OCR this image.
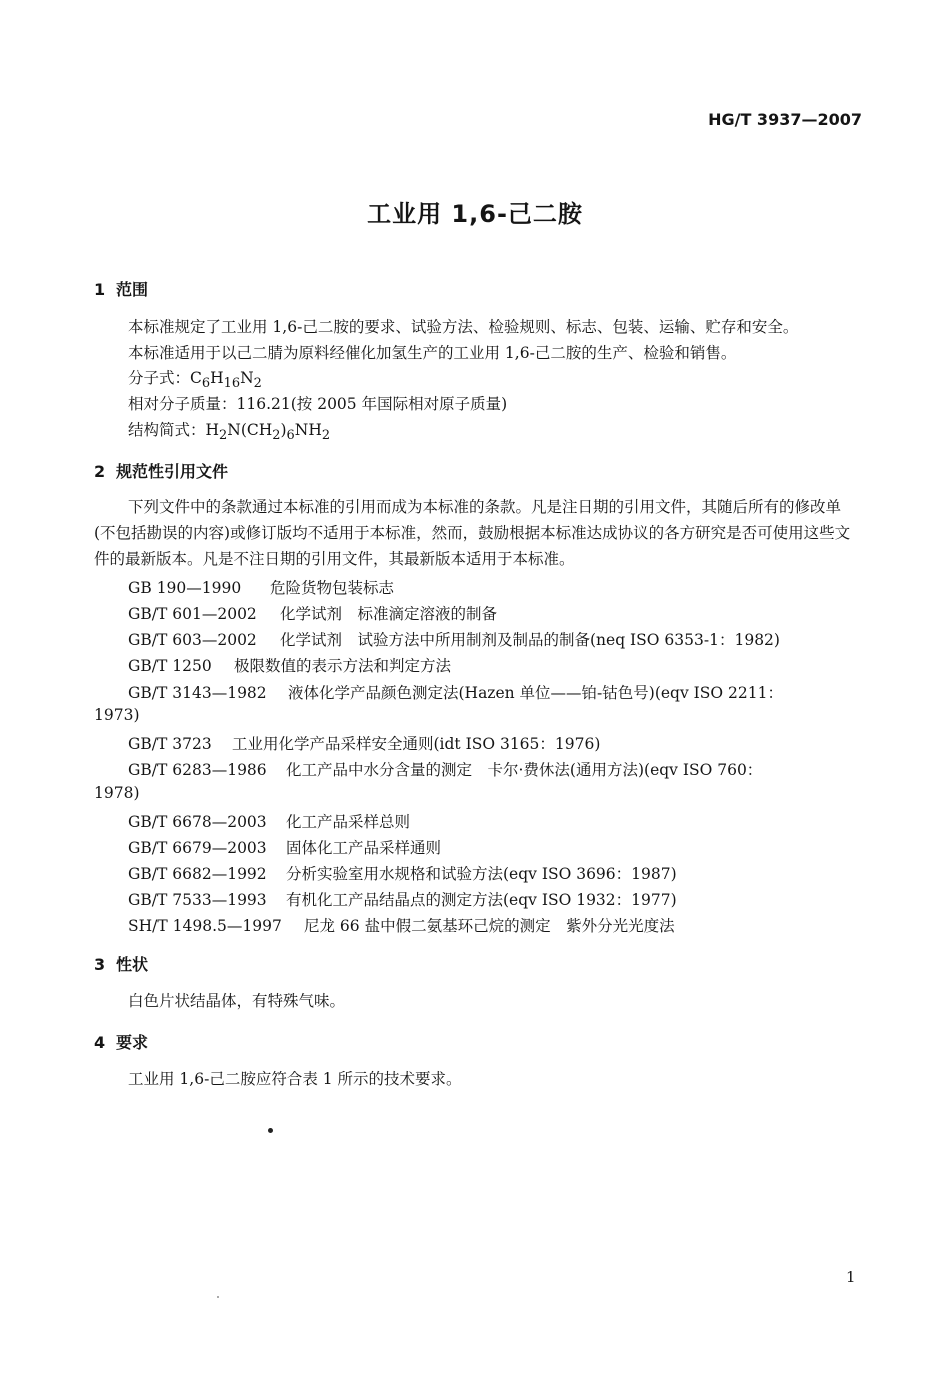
HG/T 3937—2007
工业用 1,6-己二胺
1 范围
本标准规定了工业用 1,6-己二胺的要求、试验方法、检验规则、标志、包装、运输、贮存和安全。
本标准适用于以己二腈为原料经催化加氢生产的工业用 1,6-己二胺的生产、检验和销售。
分子式：$C_6H_{16}N_2$
相对分子质量：116.21(按 2005 年国际相对原子质量)
结构简式：$H_2N(CH_2)_6NH_2$
2 规范性引用文件
下列文件中的条款通过本标准的引用而成为本标准的条款。凡是注日期的引用文件，其随后所有的修改单(不包括勘误的内容)或修订版均不适用于本标准，然而，鼓励根据本标准达成协议的各方研究是否可使用这些文件的最新版本。凡是不注日期的引用文件，其最新版本适用于本标准。
GB 190—1990 危险货物包装标志
GB/T 601—2002 化学试剂　标准滴定溶液的制备
GB/T 603—2002 化学试剂　试验方法中所用制剂及制品的制备(neq ISO 6353-1：1982)
GB/T 1250 极限数值的表示方法和判定方法
GB/T 3143—1982 液体化学产品颜色测定法(Hazen 单位——铂-钴色号)(eqv ISO 2211：
1973)
GB/T 3723 工业用化学产品采样安全通则(idt ISO 3165：1976)
GB/T 6283—1986 化工产品中水分含量的测定　卡尔·费休法(通用方法)(eqv ISO 760：
1978)
GB/T 6678—2003 化工产品采样总则
GB/T 6679—2003 固体化工产品采样通则
GB/T 6682—1992 分析实验室用水规格和试验方法(eqv ISO 3696：1987)
GB/T 7533—1993 有机化工产品结晶点的测定方法(eqv ISO 1932：1977)
SH/T 1498.5—1997 尼龙 66 盐中假二氨基环己烷的测定　紫外分光光度法
3 性状
白色片状结晶体，有特殊气味。
4 要求
工业用 1,6-己二胺应符合表 1 所示的技术要求。
1
